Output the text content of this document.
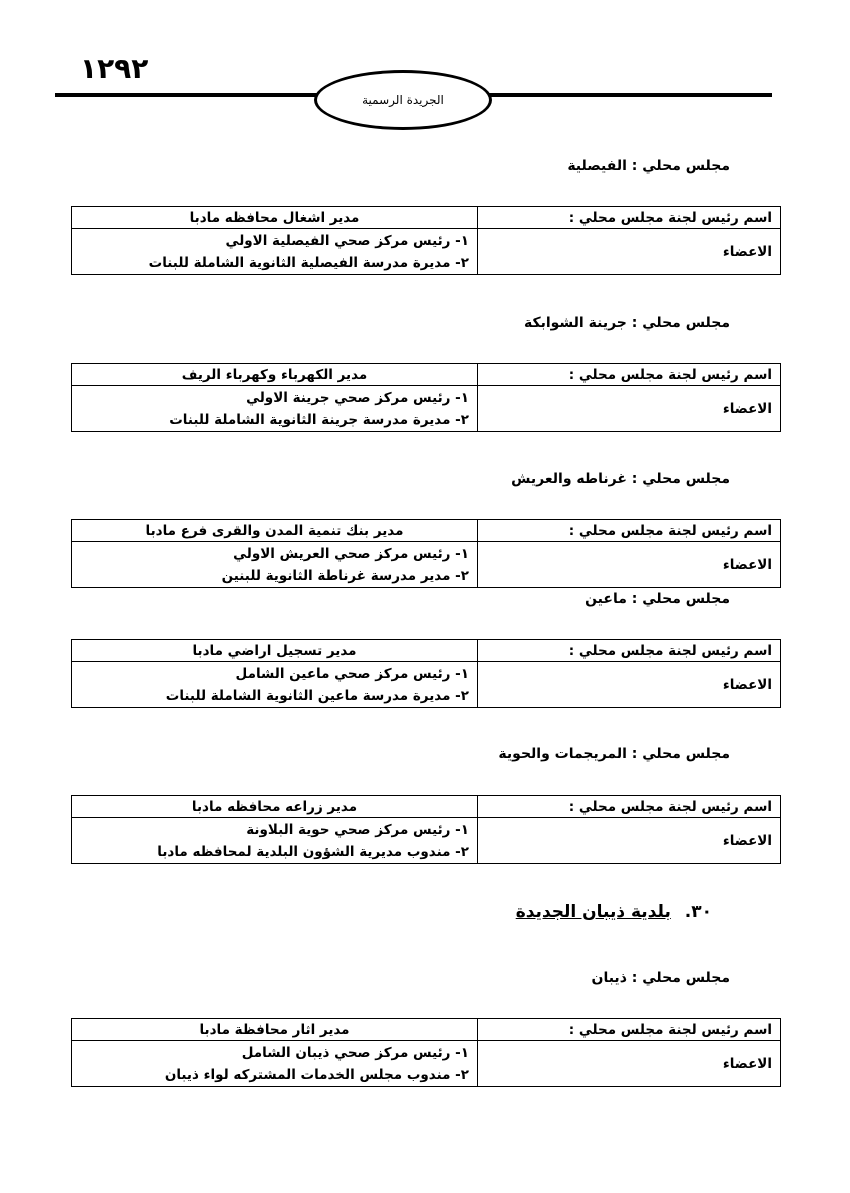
١٢٩٢
الجريدة الرسمية
مجلس محلي : الفيصلية
اسم رئيس لجنة مجلس محلي :	مدير اشغال محافظه مادبا
الاعضاء	١- رئيس مركز صحي الفيصلية الاولي
٢- مديرة مدرسة الفيصلية الثانوية الشاملة للبنات
مجلس محلي : جرينة الشوابكة
اسم رئيس لجنة مجلس محلي :	مدير الكهرباء وكهرباء الريف
الاعضاء	١- رئيس مركز صحي جرينة الاولي
٢- مديرة مدرسة جرينة الثانوية الشاملة للبنات
مجلس محلي : غرناطه والعريش
اسم رئيس لجنة مجلس محلي :	مدير بنك تنمية المدن والقرى فرع مادبا
الاعضاء	١- رئيس مركز صحي العريش الاولي
٢- مدير مدرسة غرناطة الثانوية للبنين
مجلس محلي : ماعين
اسم رئيس لجنة مجلس محلي :	مدير تسجيل اراضي مادبا
الاعضاء	١- رئيس مركز صحي ماعين الشامل
٢- مديرة مدرسة ماعين الثانوية الشاملة للبنات
مجلس محلي : المريجمات والحوية
اسم رئيس لجنة مجلس محلي :	مدير زراعه محافظه مادبا
الاعضاء	١- رئيس مركز صحي حوية البلاونة
٢- مندوب مديرية الشؤون البلدية لمحافظه مادبا
٣٠. بلدية ذيبان الجديدة
مجلس محلي : ذيبان
اسم رئيس لجنة مجلس محلي :	مدير اثار محافظة مادبا
الاعضاء	١- رئيس مركز صحي ذيبان الشامل
٢- مندوب مجلس الخدمات المشتركه لواء ذيبان
